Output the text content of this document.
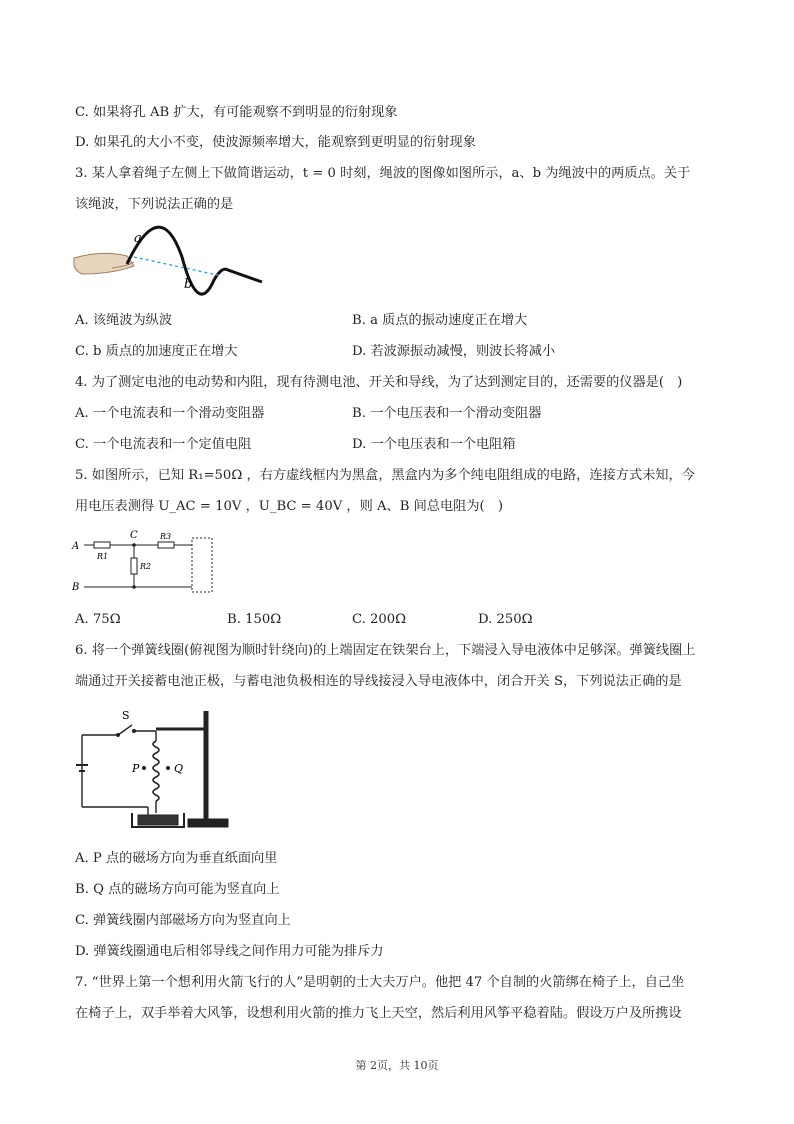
C. 如果将孔 AB 扩大，有可能观察不到明显的衍射现象
D. 如果孔的大小不变，使波源频率增大，能观察到更明显的衍射现象
3. 某人拿着绳子左侧上下做简谐运动，t = 0 时刻，绳波的图像如图所示，a、b 为绳波中的两质点。关于
该绳波，下列说法正确的是
a
b
A. 该绳波为纵波	B. a 质点的振动速度正在增大
C. b 质点的加速度正在增大	D. 若波源振动减慢，则波长将减小
4. 为了测定电池的电动势和内阻，现有待测电池、开关和导线，为了达到测定目的，还需要的仪器是(　)
A. 一个电流表和一个滑动变阻器	B. 一个电压表和一个滑动变阻器
C. 一个电流表和一个定值电阻	D. 一个电压表和一个电阻箱
5. 如图所示，已知 R₁=50Ω ，右方虚线框内为黑盒，黑盒内为多个纯电阻组成的电路，连接方式未知，今
用电压表测得 U_AC = 10V ，U_BC = 40V ，则 A、B 间总电阻为(　)
A
B
C
R1
R2
R3
A. 75Ω	B. 150Ω	C. 200Ω	D. 250Ω
6. 将一个弹簧线圈(俯视图为顺时针绕向)的上端固定在铁架台上，下端浸入导电液体中足够深。弹簧线圈上
端通过开关接蓄电池正极，与蓄电池负极相连的导线接浸入导电液体中，闭合开关 S，下列说法正确的是
S
P	Q
A. P 点的磁场方向为垂直纸面向里
B. Q 点的磁场方向可能为竖直向上
C. 弹簧线圈内部磁场方向为竖直向上
D. 弹簧线圈通电后相邻导线之间作用力可能为排斥力
7. “世界上第一个想利用火箭飞行的人”是明朝的士大夫万户。他把 47 个自制的火箭绑在椅子上，自己坐
在椅子上，双手举着大风筝，设想利用火箭的推力飞上天空，然后利用风筝平稳着陆。假设万户及所携设
第 2页，共 10页
